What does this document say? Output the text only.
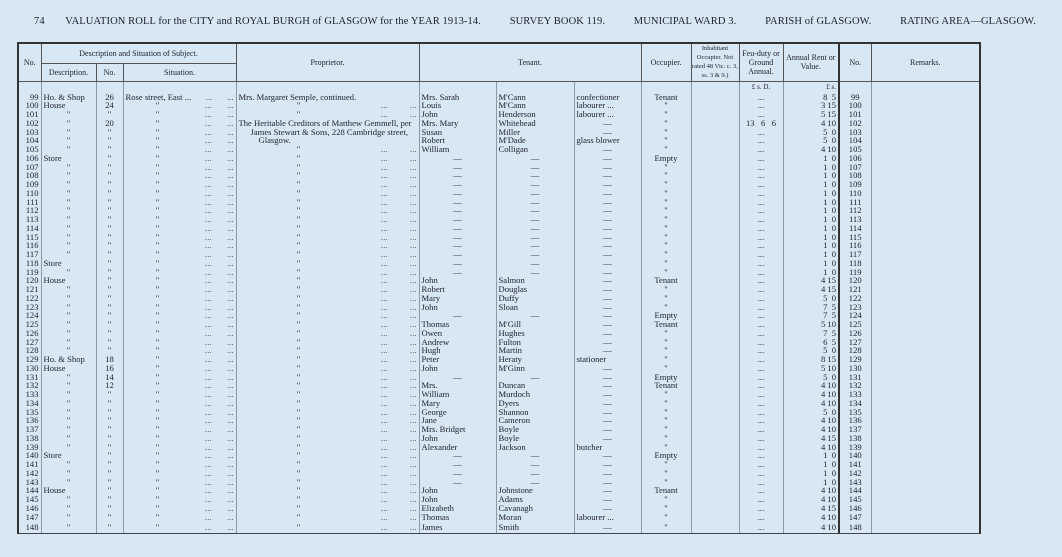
74 VALUATION ROLL for the CITY and ROYAL BURGH of GLASGOW for the YEAR 1913-14.	SURVEY BOOK 119.	MUNICIPAL WARD 3.	PARISH of GLASGOW.	RATING AREA—GLASGOW.
No.	Description and Situation of Subject.			Proprietor.	Tenant.			Occupier.	Inhabitant Occupier. Not rated 48 Vic. c. 3, ss. 3 & 9.)	Feu-duty or Ground Annual.	Annual Rent or Value.	No.	Remarks.
	Description.	No.	Situation.										
										£ s. D.	£ s.		
99	Ho. & Shop	26	Rose street, East ... ... ...	Mrs. Margaret Semple, continued.	Mrs. Sarah	M'Cann	confectioner	Tenant		...	8  5	99	
100	House	24	" ... ...	" ... ...	Louis	M'Cann	labourer ...	"		...	3 15	100	
101	"	"	" ... ...	" ... ...	John	Henderson	labourer ...	"		...	5 15	101	
102	"	20	" ... ...	The Heritable Creditors of Matthew Gemmell, per	Mrs. Mary	Whitehead	—	"		13   6   6	4 10	102	
103	"	"	" ... ...	James Stewart & Sons, 228 Cambridge street,	Susan	Miller	—	"		...	5  0	103	
104	"	"	" ... ...	Glasgow.	Robert	M'Dade	glass blower	"		...	5  0	104	
105	"	"	" ... ...	" ... ...	William	Colligan	—	"		...	4 10	105	
106	Store	"	" ... ...	" ... ...	—	—	—	Empty		...	1  0	106	
107	"	"	" ... ...	" ... ...	—	—	—	"		...	1  0	107	
108	"	"	" ... ...	" ... ...	—	—	—	"		...	1  0	108	
109	"	"	" ... ...	" ... ...	—	—	—	"		...	1  0	109	
110	"	"	" ... ...	" ... ...	—	—	—	"		...	1  0	110	
111	"	"	" ... ...	" ... ...	—	—	—	"		...	1  0	111	
112	"	"	" ... ...	" ... ...	—	—	—	"		...	1  0	112	
113	"	"	" ... ...	" ... ...	—	—	—	"		...	1  0	113	
114	"	"	" ... ...	" ... ...	—	—	—	"		...	1  0	114	
115	"	"	" ... ...	" ... ...	—	—	—	"		...	1  0	115	
116	"	"	" ... ...	" ... ...	—	—	—	"		...	1  0	116	
117	"	"	" ... ...	" ... ...	—	—	—	"		...	1  0	117	
118	Store	"	" ... ...	" ... ...	—	—	—	"		...	1  0	118	
119	"	"	" ... ...	" ... ...	—	—	—	"		...	1  0	119	
120	House	"	" ... ...	" ... ...	John	Salmon	—	Tenant		...	4 15	120	
121	"	"	" ... ...	" ... ...	Robert	Douglas	—	"		...	4 15	121	
122	"	"	" ... ...	" ... ...	Mary	Duffy	—	"		...	5  0	122	
123	"	"	" ... ...	" ... ...	John	Sloan	—	"		...	7  5	123	
124	"	"	" ... ...	" ... ...	—	—	—	Empty		...	7  5	124	
125	"	"	" ... ...	" ... ...	Thomas	M'Gill	—	Tenant		...	5 10	125	
126	"	"	" ... ...	" ... ...	Owen	Hughes	—	"		...	7  5	126	
127	"	"	" ... ...	" ... ...	Andrew	Fulton	—	"		...	6  5	127	
128	"	"	" ... ...	" ... ...	Hugh	Martin	—	"		...	5  0	128	
129	Ho. & Shop	18	" ... ...	" ... ...	Peter	Heraty	stationer	"		...	8 15	129	
130	House	16	" ... ...	" ... ...	John	M'Ginn	—	"		...	5 10	130	
131	"	14	" ... ...	" ... ...	—	—	—	Empty		...	5  0	131	
132	"	12	" ... ...	" ... ...	Mrs.	Duncan	—	Tenant		...	4 10	132	
133	"	"	" ... ...	" ... ...	William	Murdoch	—	"		...	4 10	133	
134	"	"	" ... ...	" ... ...	Mary	Dyers	—	"		...	4 10	134	
135	"	"	" ... ...	" ... ...	George	Shannon	—	"		...	5  0	135	
136	"	"	" ... ...	" ... ...	Jane	Cameron	—	"		...	4 10	136	
137	"	"	" ... ...	" ... ...	Mrs. Bridget	Boyle	—	"		...	4 10	137	
138	"	"	" ... ...	" ... ...	John	Boyle	—	"		...	4 15	138	
139	"	"	" ... ...	" ... ...	Alexander	Jackson	butcher	"		...	4 10	139	
140	Store	"	" ... ...	" ... ...	—	—	—	Empty		...	1  0	140	
141	"	"	" ... ...	" ... ...	—	—	—	"		...	1  0	141	
142	"	"	" ... ...	" ... ...	—	—	—	"		...	1  0	142	
143	"	"	" ... ...	" ... ...	—	—	—	"		...	1  0	143	
144	House	"	" ... ...	" ... ...	John	Johnstone	—	Tenant		...	4 10	144	
145	"	"	" ... ...	" ... ...	John	Adams	—	"		...	4 10	145	
146	"	"	" ... ...	" ... ...	Elizabeth	Cavanagh	—	"		...	4 15	146	
147	"	"	" ... ...	" ... ...	Thomas	Moran	labourer ...	"		...	4 10	147	
148	"	"	" ... ...	" ... ...	James	Smith	—	"		...	4 10	148	
